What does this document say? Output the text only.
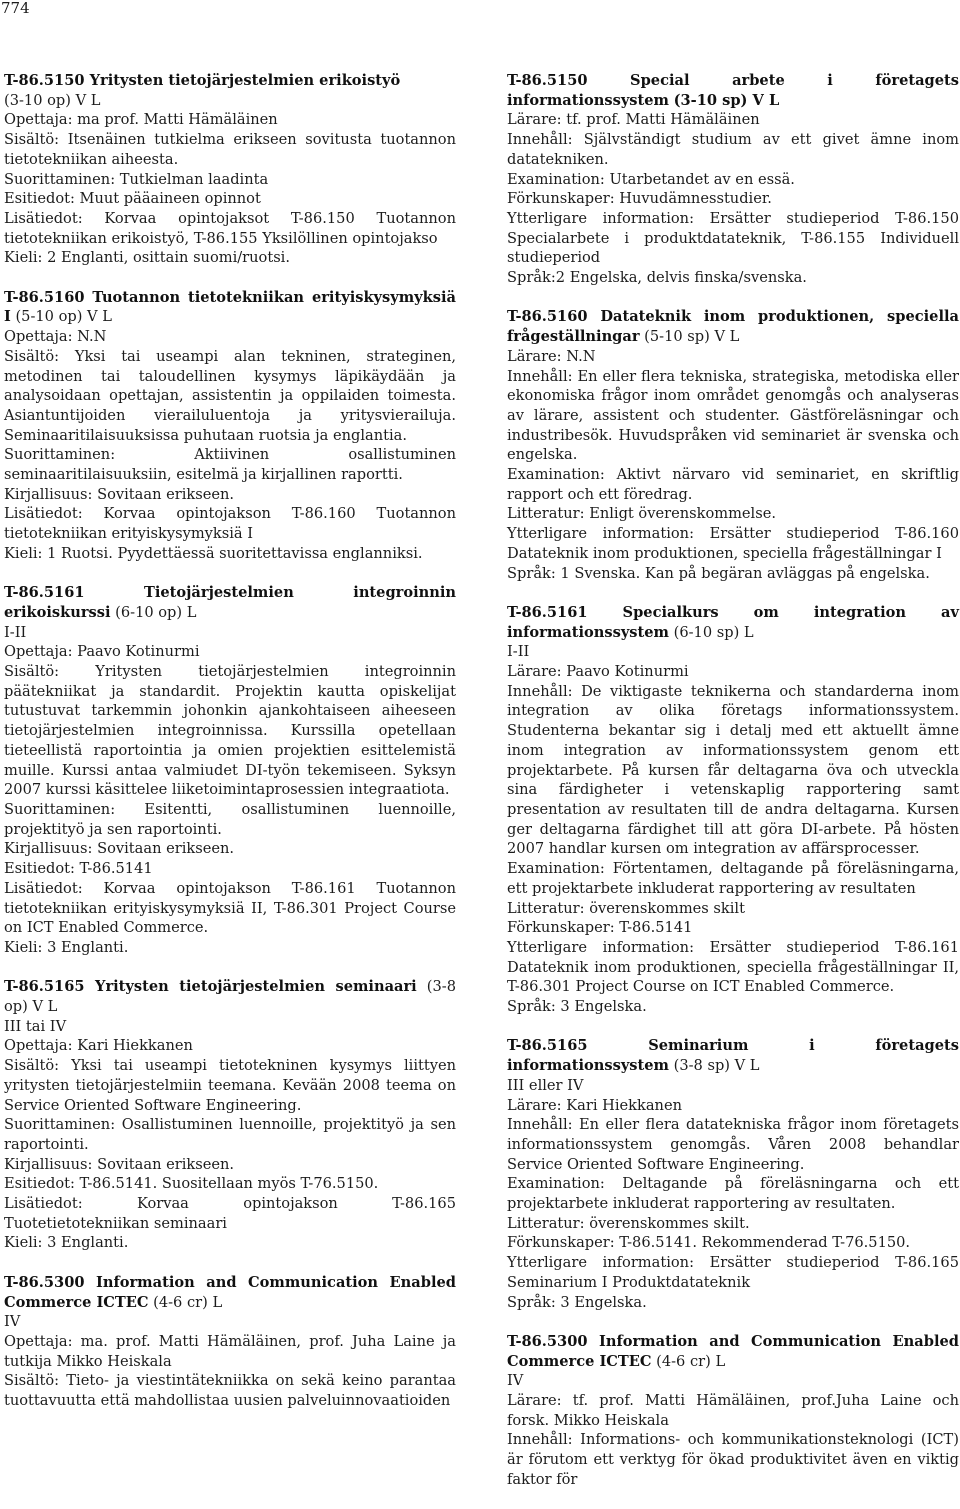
774

T-86.5150 Yritysten tietojärjestelmien erikoistyö

(3-10 op) V L

Opettaja: ma prof. Matti Hämäläinen

Sisältö: Itsenäinen tutkielma erikseen sovitusta tuotannon tietotekniikan aiheesta.

Suorittaminen: Tutkielman laadinta

Esitiedot: Muut pääaineen opinnot

Lisätiedot: Korvaa opintojaksot T-86.150 Tuotannon tietotekniikan erikoistyö, T-86.155 Yksilöllinen opintojakso

Kieli: 2 Englanti, osittain suomi/ruotsi.

T-86.5160 Tuotannon tietotekniikan erityiskysymyksiä I (5-10 op) V L

Opettaja: N.N

Sisältö: Yksi tai useampi alan tekninen, strateginen, metodinen tai taloudellinen kysymys läpikäydään ja analysoidaan opettajan, assistentin ja oppilaiden toimesta. Asiantuntijoiden vierailuluentoja ja yritysvierailuja. Seminaaritilaisuuksissa puhutaan ruotsia ja englantia.

Suorittaminen: Aktiivinen osallistuminen seminaaritilaisuuksiin, esitelmä ja kirjallinen raportti.

Kirjallisuus: Sovitaan erikseen.

Lisätiedot: Korvaa opintojakson T-86.160 Tuotannon tietotekniikan erityiskysymyksiä I

Kieli: 1 Ruotsi. Pyydettäessä suoritettavissa englanniksi.

T-86.5161 Tietojärjestelmien integroinnin erikoiskurssi (6-10 op) L

I-II

Opettaja: Paavo Kotinurmi

Sisältö: Yritysten tietojärjestelmien integroinnin päätekniikat ja standardit. Projektin kautta opiskelijat tutustuvat tarkemmin johonkin ajankohtaiseen aiheeseen tietojärjestelmien integroinnissa. Kurssilla opetellaan tieteellistä raportointia ja omien projektien esittelemistä muille. Kurssi antaa valmiudet DI-työn tekemiseen. Syksyn 2007 kurssi käsittelee liiketoimintaprosessien integraatiota.

Suorittaminen: Esitentti, osallistuminen luennoille, projektityö ja sen raportointi.

Kirjallisuus: Sovitaan erikseen.

Esitiedot: T-86.5141

Lisätiedot: Korvaa opintojakson T-86.161 Tuotannon tietotekniikan erityiskysymyksiä II, T-86.301 Project Course on ICT Enabled Commerce.

Kieli: 3 Englanti.

T-86.5165 Yritysten tietojärjestelmien seminaari (3-8 op) V L

III tai IV

Opettaja: Kari Hiekkanen

Sisältö: Yksi tai useampi tietotekninen kysymys liittyen yritysten tietojärjestelmiin teemana. Kevään 2008 teema on Service Oriented Software Engineering.

Suorittaminen: Osallistuminen luennoille, projektityö ja sen raportointi.

Kirjallisuus: Sovitaan erikseen.

Esitiedot: T-86.5141. Suositellaan myös T-76.5150.

Lisätiedot: Korvaa opintojakson T-86.165 Tuotetietotekniikan seminaari

Kieli: 3 Englanti.

T-86.5300 Information and Communication Enabled Commerce ICTEC (4-6 cr) L

IV

Opettaja: ma. prof. Matti Hämäläinen, prof. Juha Laine ja tutkija Mikko Heiskala

Sisältö: Tieto- ja viestintätekniikka on sekä keino parantaa tuottavuutta että mahdollistaa uusien palveluinnovaatioiden

T-86.5150 Special arbete i företagets informationssystem (3-10 sp) V L

Lärare: tf. prof. Matti Hämäläinen

Innehåll: Självständigt studium av ett givet ämne inom datatekniken.

Examination: Utarbetandet av en essä.

Förkunskaper: Huvudämnesstudier.

Ytterligare information: Ersätter studieperiod T-86.150 Specialarbete i produktdatateknik, T-86.155 Individuell studieperiod

Språk:2 Engelska, delvis finska/svenska.

T-86.5160 Datateknik inom produktionen, speciella frågeställningar (5-10 sp) V L

Lärare: N.N

Innehåll: En eller flera tekniska, strategiska, metodiska eller ekonomiska frågor inom området genomgås och analyseras av lärare, assistent och studenter. Gästföreläsningar och industribesök. Huvudspråken vid seminariet är svenska och engelska.

Examination: Aktivt närvaro vid seminariet, en skriftlig rapport och ett föredrag.

Litteratur: Enligt överenskommelse.

Ytterligare information: Ersätter studieperiod T-86.160 Datateknik inom produktionen, speciella frågeställningar I

Språk: 1 Svenska. Kan på begäran avläggas på engelska.

T-86.5161 Specialkurs om integration av informationssystem (6-10 sp) L

I-II

Lärare: Paavo Kotinurmi

Innehåll: De viktigaste teknikerna och standarderna inom integration av olika företags informationssystem. Studenterna bekantar sig i detalj med ett aktuellt ämne inom integration av informationssystem genom ett projektarbete. På kursen får deltagarna öva och utveckla sina färdigheter i vetenskaplig rapportering samt presentation av resultaten till de andra deltagarna. Kursen ger deltagarna färdighet till att göra DI-arbete. På hösten 2007 handlar kursen om integration av affärsprocesser.

Examination: Förtentamen, deltagande på föreläsningarna, ett projektarbete inkluderat rapportering av resultaten

Litteratur: överenskommes skilt

Förkunskaper: T-86.5141

Ytterligare information: Ersätter studieperiod T-86.161 Datateknik inom produktionen, speciella frågeställningar II, T-86.301 Project Course on ICT Enabled Commerce.

Språk: 3 Engelska.

T-86.5165 Seminarium i företagets informationssystem (3-8 sp) V L

III eller IV

Lärare: Kari Hiekkanen

Innehåll: En eller flera datatekniska frågor inom företagets informationssystem genomgås. Våren 2008 behandlar Service Oriented Software Engineering.

Examination: Deltagande på föreläsningarna och ett projektarbete inkluderat rapportering av resultaten.

Litteratur: överenskommes skilt.

Förkunskaper: T-86.5141. Rekommenderad T-76.5150.

Ytterligare information: Ersätter studieperiod T-86.165 Seminarium I Produktdatateknik

Språk: 3 Engelska.

T-86.5300 Information and Communication Enabled Commerce ICTEC (4-6 cr) L

IV

Lärare: tf. prof. Matti Hämäläinen, prof.Juha Laine och forsk. Mikko Heiskala

Innehåll: Informations- och kommunikationsteknologi (ICT) är förutom ett verktyg för ökad produktivitet även en viktig faktor för
